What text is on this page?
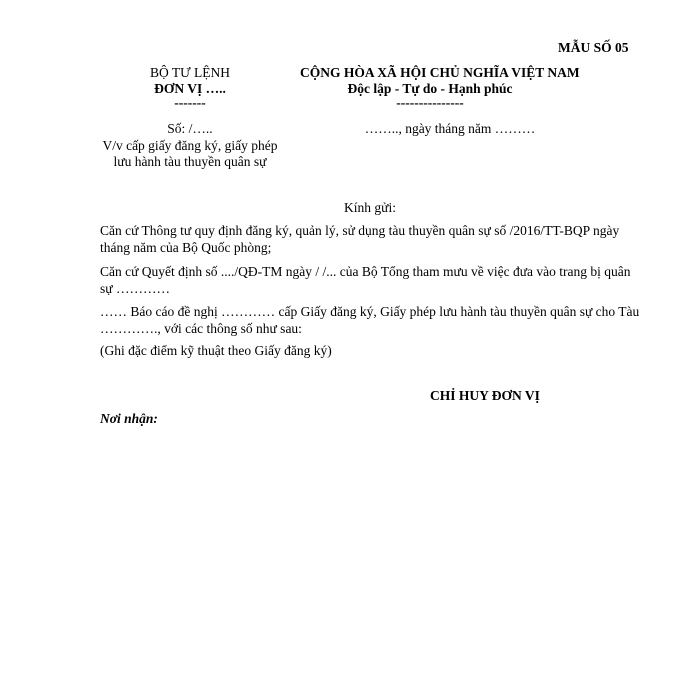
MẪU SỐ 05
BỘ TƯ LỆNH
ĐƠN VỊ …..
-------
Số: /…..
V/v cấp giấy đăng ký, giấy phép
lưu hành tàu thuyền quân sự
CỘNG HÒA XÃ HỘI CHỦ NGHĨA VIỆT NAM
Độc lập - Tự do - Hạnh phúc
---------------
…….., ngày tháng năm ………
Kính gửi:
Căn cứ Thông tư quy định đăng ký, quản lý, sử dụng tàu thuyền quân sự số /2016/TT-BQP ngày tháng năm của Bộ Quốc phòng;
Căn cứ Quyết định số ..../QĐ-TM ngày / /... của Bộ Tổng tham mưu về việc đưa vào trang bị quân sự …………
…… Báo cáo đề nghị ………… cấp Giấy đăng ký, Giấy phép lưu hành tàu thuyền quân sự cho Tàu …………., với các thông số như sau:
(Ghi đặc điểm kỹ thuật theo Giấy đăng ký)
CHỈ HUY ĐƠN VỊ
Nơi nhận:
